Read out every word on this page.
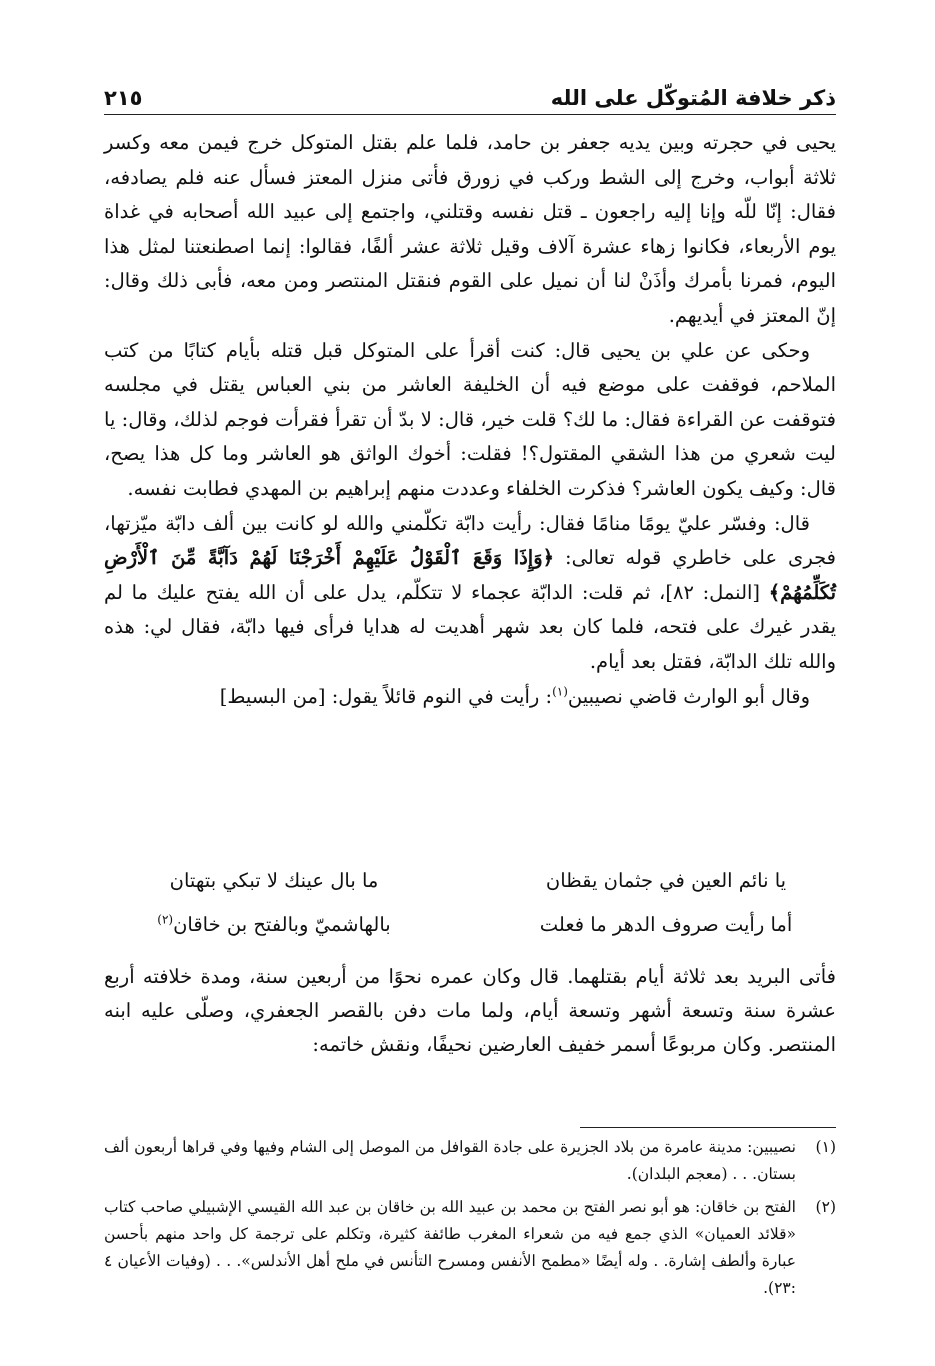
ذكر خلافة المُتوكّل على الله
٢١٥

يحيى في حجرته وبين يديه جعفر بن حامد، فلما علم بقتل المتوكل خرج فيمن معه وكسر ثلاثة أبواب، وخرج إلى الشط وركب في زورق فأتى منزل المعتز فسأل عنه فلم يصادفه، فقال: إنّا للّه وإنا إليه راجعون ـ قتل نفسه وقتلني، واجتمع إلى عبيد الله أصحابه في غداة يوم الأربعاء، فكانوا زهاء عشرة آلاف وقيل ثلاثة عشر ألفًا، فقالوا: إنما اصطنعتنا لمثل هذا اليوم، فمرنا بأمرك وأذَنْ لنا أن نميل على القوم فنقتل المنتصر ومن معه، فأبى ذلك وقال: إنّ المعتز في أيديهم.

وحكى عن علي بن يحيى قال: كنت أقرأ على المتوكل قبل قتله بأيام كتابًا من كتب الملاحم، فوقفت على موضع فيه أن الخليفة العاشر من بني العباس يقتل في مجلسه فتوقفت عن القراءة فقال: ما لك؟ قلت خير، قال: لا بدّ أن تقرأ فقرأت فوجم لذلك، وقال: يا ليت شعري من هذا الشقي المقتول؟! فقلت: أخوك الواثق هو العاشر وما كل هذا يصح، قال: وكيف يكون العاشر؟ فذكرت الخلفاء وعددت منهم إبراهيم بن المهدي فطابت نفسه.

قال: وفسّر عليّ يومًا منامًا فقال: رأيت دابّة تكلّمني والله لو كانت بين ألف دابّة ميّزتها، فجرى على خاطري قوله تعالى: ﴿وَإِذَا وَقَعَ ٱلْقَوْلُ عَلَيْهِمْ أَخْرَجْنَا لَهُمْ دَآبَّةً مِّنَ ٱلْأَرْضِ تُكَلِّمُهُمْ﴾ [النمل: ٨٢]، ثم قلت: الدابّة عجماء لا تتكلّم، يدل على أن الله يفتح عليك ما لم يقدر غيرك على فتحه، فلما كان بعد شهر أهديت له هدايا فرأى فيها دابّة، فقال لي: هذه والله تلك الدابّة، فقتل بعد أيام.

وقال أبو الوارث قاضي نصيبين$^{(١)}$: رأيت في النوم قائلاً يقول: [من البسيط]

يا نائم العين في جثمان يقظان
ما بال عينك لا تبكي بتهتان
أما رأيت صروف الدهر ما فعلت
بالهاشميّ وبالفتح بن خاقان$^{(٢)}$
فأتى البريد بعد ثلاثة أيام بقتلهما. قال وكان عمره نحوًا من أربعين سنة، ومدة خلافته أربع عشرة سنة وتسعة أشهر وتسعة أيام، ولما مات دفن بالقصر الجعفري، وصلّى عليه ابنه المنتصر. وكان مربوعًا أسمر خفيف العارضين نحيفًا، ونقش خاتمه:
(١)
نصيبين: مدينة عامرة من بلاد الجزيرة على جادة القوافل من الموصل إلى الشام وفيها وفي قراها أربعون ألف بستان. . . (معجم البلدان).
(٢)
الفتح بن خاقان: هو أبو نصر الفتح بن محمد بن عبيد الله بن خاقان بن عبد الله القيسي الإشبيلي صاحب كتاب «قلائد العميان» الذي جمع فيه من شعراء المغرب طائفة كثيرة، وتكلم على ترجمة كل واحد منهم بأحسن عبارة وألطف إشارة. . وله أيضًا «مطمح الأنفس ومسرح التأنس في ملح أهل الأندلس». . . (وفيات الأعيان ٤ :٢٣).
